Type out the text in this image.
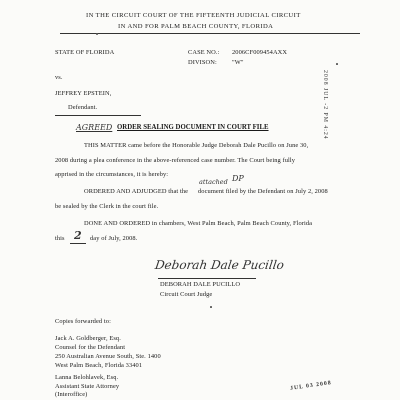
IN THE CIRCUIT COURT OF THE FIFTEENTH JUDICIAL CIRCUIT
IN AND FOR PALM BEACH COUNTY, FLORIDA
STATE OF FLORIDA	CASE NO.: 2006CF009454AXX
DIVISON: "W"
vs.
JEFFREY EPSTEIN,
Defendant.	2008 JUL -2 PM 4:24
AGREED ORDER SEALING DOCUMENT IN COURT FILE
THIS MATTER came before the Honorable Judge Deborah Dale Pucillo on June 30,
2008 during a plea conference in the above-referenced case number. The Court being fully
apprised in the circumstances, it is hereby:
ORDERED AND ADJUDGED that the
attached DP
document filed by the Defendant on July 2, 2008
be sealed by the Clerk in the court file.
DONE AND ORDERED in chambers, West Palm Beach, Palm Beach County, Florida
this 2 day of July, 2008.
Deborah Dale Pucillo
DEBORAH DALE PUCILLO
Circuit Court Judge
Copies forwarded to:
Jack A. Goldberger, Esq.
Counsel for the Defendant
250 Australian Avenue South, Ste. 1400
West Palm Beach, Florida 33401
Lanna Belohlavek, Esq.
Assistant State Attorney
(Interoffice)
JUL 03 2008
